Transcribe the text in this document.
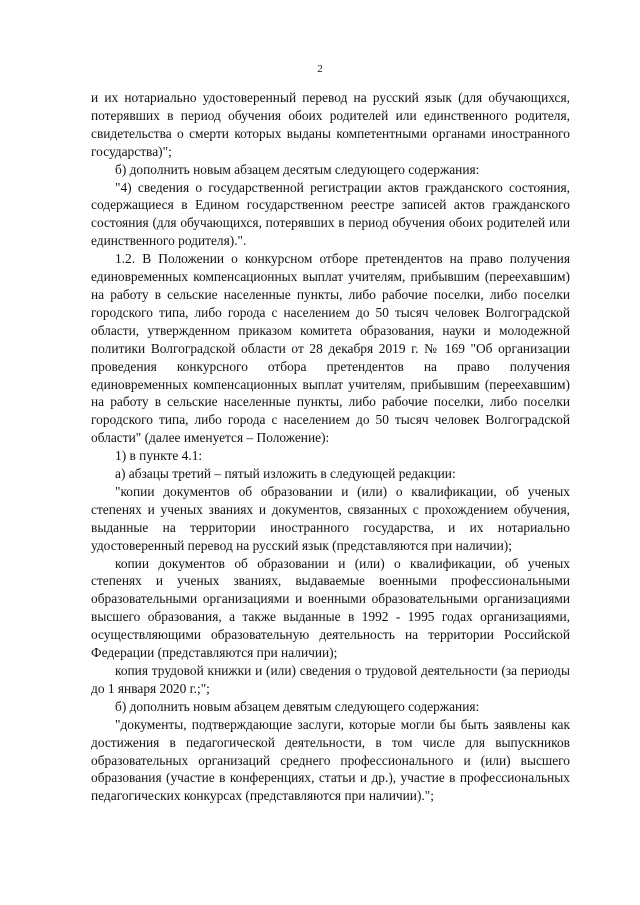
2

и их нотариально удостоверенный перевод на русский язык (для обучающихся, потерявших в период обучения обоих родителей или единственного родителя, свидетельства о смерти которых выданы компетентными органами иностранного государства)";

б) дополнить новым абзацем десятым следующего содержания:

"4) сведения о государственной регистрации актов гражданского состояния, содержащиеся в Едином государственном реестре записей актов гражданского состояния (для обучающихся, потерявших в период обучения обоих родителей или единственного родителя).".

1.2. В Положении о конкурсном отборе претендентов на право получения единовременных компенсационных выплат учителям, прибывшим (переехавшим) на работу в сельские населенные пункты, либо рабочие поселки, либо поселки городского типа, либо города с населением до 50 тысяч человек Волгоградской области, утвержденном приказом комитета образования, науки и молодежной политики Волгоградской области от 28 декабря 2019 г. № 169 "Об организации проведения конкурсного отбора претендентов на право получения единовременных компенсационных выплат учителям, прибывшим (переехавшим) на работу в сельские населенные пункты, либо рабочие поселки, либо поселки городского типа, либо города с населением до 50 тысяч человек Волгоградской области" (далее именуется – Положение):

1) в пункте 4.1:

а) абзацы третий – пятый изложить в следующей редакции:

"копии документов об образовании и (или) о квалификации, об ученых степенях и ученых званиях и документов, связанных с прохождением обучения, выданные на территории иностранного государства, и их нотариально удостоверенный перевод на русский язык (представляются при наличии);

копии документов об образовании и (или) о квалификации, об ученых степенях и ученых званиях, выдаваемые военными профессиональными образовательными организациями и военными образовательными организациями высшего образования, а также выданные в 1992 - 1995 годах организациями, осуществляющими образовательную деятельность на территории Российской Федерации (представляются при наличии);

копия трудовой книжки и (или) сведения о трудовой деятельности (за периоды до 1 января 2020 г.;";

б) дополнить новым абзацем девятым следующего содержания:

"документы, подтверждающие заслуги, которые могли бы быть заявлены как достижения в педагогической деятельности, в том числе для выпускников образовательных организаций среднего профессионального и (или) высшего образования (участие в конференциях, статьи и др.), участие в профессиональных педагогических конкурсах (представляются при наличии).";
